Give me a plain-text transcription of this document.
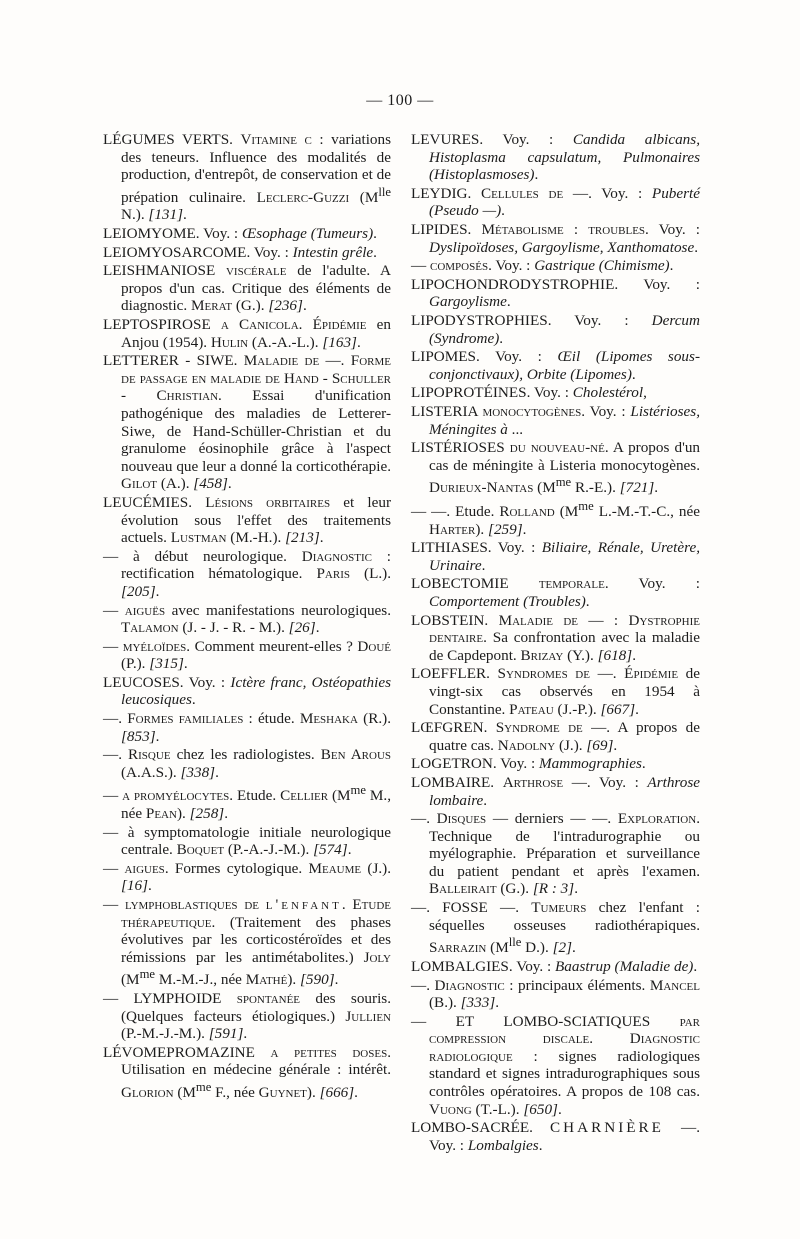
— 100 —

LÉGUMES VERTS. Vitamine c : variations des teneurs. Influence des modalités de production, d'entrepôt, de conservation et de prépation culinaire. Leclerc-Guzzi ($M^{lle}$ N.). [131].

LEIOMYOME. Voy. : Œsophage (Tumeurs).

LEIOMYOSARCOME. Voy. : Intestin grêle.

LEISHMANIOSE viscérale de l'adulte. A propos d'un cas. Critique des éléments de diagnostic. Merat (G.). [236].

LEPTOSPIROSE a Canicola. Épidémie en Anjou (1954). Hulin (A.-A.-L.). [163].

LETTERER - SIWE. Maladie de —. Forme de passage en maladie de Hand - Schuller - Christian. Essai d'unification pathogénique des maladies de Letterer-Siwe, de Hand-Schüller-Christian et du granulome éosinophile grâce à l'aspect nouveau que leur a donné la corticothérapie. Gilot (A.). [458].

LEUCÉMIES. Lésions orbitaires et leur évolution sous l'effet des traitements actuels. Lustman (M.-H.). [213].

— à début neurologique. Diagnostic : rectification hématologique. Paris (L.). [205].

— aiguës avec manifestations neurologiques. Talamon (J. - J. - R. - M.). [26].

— myéloïdes. Comment meurent-elles ? Doué (P.). [315].

LEUCOSES. Voy. : Ictère franc, Ostéopathies leucosiques.

—. Formes familiales : étude. Meshaka (R.). [853].

—. Risque chez les radiologistes. Ben Arous (A.A.S.). [338].

— a promyélocytes. Etude. Cellier ($M^{me}$ M., née Pean). [258].

— à symptomatologie initiale neurologique centrale. Boquet (P.-A.-J.-M.). [574].

— aigues. Formes cytologique. Meaume (J.). [16].

— lymphoblastiques de l'enfant. Etude thérapeutique. (Traitement des phases évolutives par les corticostéroïdes et des rémissions par les antimétabolites.) Joly ($M^{me}$ M.-M.-J., née Mathé). [590].

— LYMPHOIDE spontanée des souris. (Quelques facteurs étiologiques.) Jullien (P.-M.-J.-M.). [591].

LÉVOMEPROMAZINE a petites doses. Utilisation en médecine générale : intérêt. Glorion ($M^{me}$ F., née Guynet). [666].

LEVURES. Voy. : Candida albicans, Histoplasma capsulatum, Pulmonaires (Histoplasmoses).

LEYDIG. Cellules de —. Voy. : Puberté (Pseudo —).

LIPIDES. Métabolisme : troubles. Voy. : Dyslipoïdoses, Gargoylisme, Xanthomatose.

— composés. Voy. : Gastrique (Chimisme).

LIPOCHONDRODYSTROPHIE. Voy. : Gargoylisme.

LIPODYSTROPHIES. Voy. : Dercum (Syndrome).

LIPOMES. Voy. : Œil (Lipomes sous-conjonctivaux), Orbite (Lipomes).

LIPOPROTÉINES. Voy. : Cholestérol,

LISTERIA monocytogènes. Voy. : Listérioses, Méningites à ...

LISTÉRIOSES du nouveau-né. A propos d'un cas de méningite à Listeria monocytogènes. Durieux-Nantas ($M^{me}$ R.-E.). [721].

— —. Etude. Rolland ($M^{me}$ L.-M.-T.-C., née Harter). [259].

LITHIASES. Voy. : Biliaire, Rénale, Uretère, Urinaire.

LOBECTOMIE temporale. Voy. : Comportement (Troubles).

LOBSTEIN. Maladie de — : Dystrophie dentaire. Sa confrontation avec la maladie de Capdepont. Brizay (Y.). [618].

LOEFFLER. Syndromes de —. Épidémie de vingt-six cas observés en 1954 à Constantine. Pateau (J.-P.). [667].

LŒFGREN. Syndrome de —. A propos de quatre cas. Nadolny (J.). [69].

LOGETRON. Voy. : Mammographies.

LOMBAIRE. Arthrose —. Voy. : Arthrose lombaire.

—. Disques — derniers — —. Exploration. Technique de l'intradurographie ou myélographie. Préparation et surveillance du patient pendant et après l'examen. Balleirait (G.). [R : 3].

—. FOSSE —. Tumeurs chez l'enfant : séquelles osseuses radiothérapiques. Sarrazin ($M^{lle}$ D.). [2].

LOMBALGIES. Voy. : Baastrup (Maladie de).

—. Diagnostic : principaux éléments. Mancel (B.). [333].

— ET LOMBO-SCIATIQUES par compression discale. Diagnostic radiologique : signes radiologiques standard et signes intradurographiques sous contrôles opératoires. A propos de 108 cas. Vuong (T.-L.). [650].

LOMBO-SACRÉE. CHARNIÈRE —. Voy. : Lombalgies.
